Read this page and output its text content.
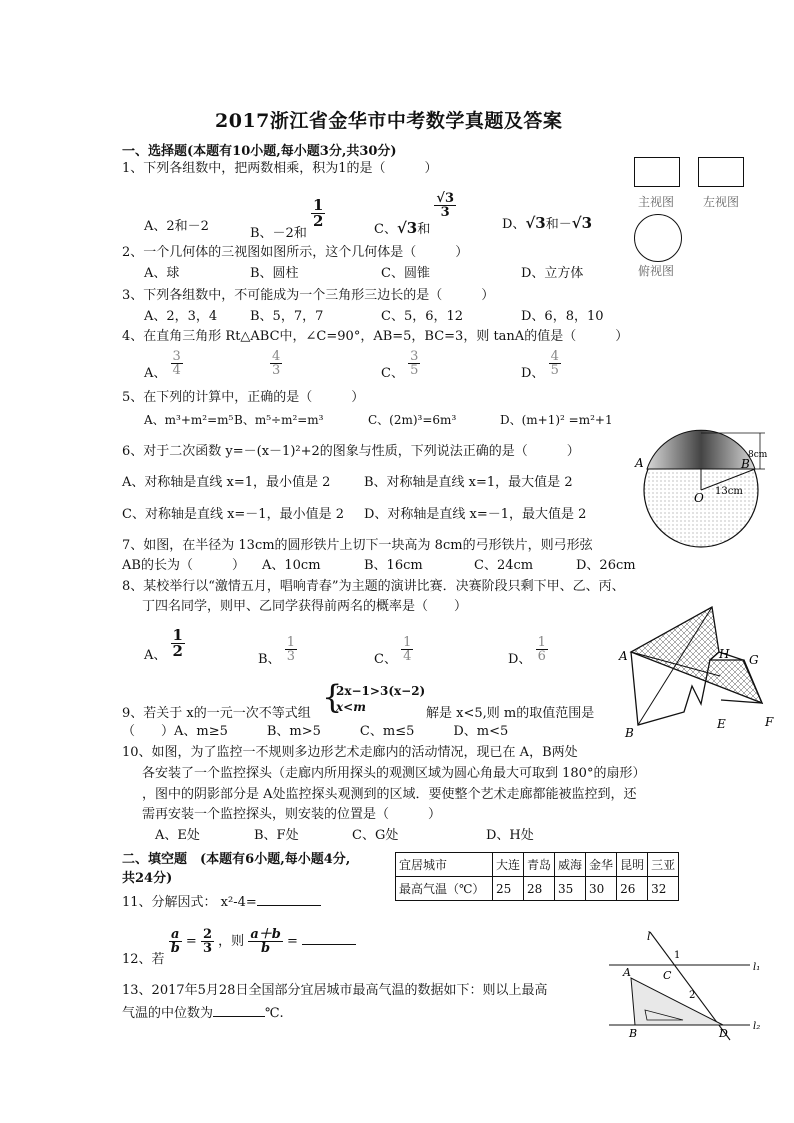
2017浙江省金华市中考数学真题及答案
一、选择题(本题有10小题,每小题3分,共30分)
1、下列各组数中，把两数相乘，积为1的是（　　　）
A、2和－2	B、－2和
$\frac{1}{2}$
C、√3和
$\frac{√3}{3}$
D、√3和－√3
2、一个几何体的三视图如图所示，这个几何体是（　　　）
A、球	B、圆柱	C、圆锥	D、立方体
3、下列各组数中，不可能成为一个三角形三边长的是（　　　）
A、2，3，4	B、5，7，7	C、5，6，12	D、6，8，10
4、在直角三角形 Rt△ABC中，∠C=90°，AB=5，BC=3，则 tanA的值是（　　　）
A、 $\frac{3}{4}$	$\frac{4}{3}$	C、 $\frac{3}{5}$	D、 $\frac{4}{5}$
5、在下列的计算中，正确的是（　　　）
A、m³+m²=m⁵ B、m⁵÷m²=m³	C、(2m)³=6m³	D、(m+1)² =m²+1
6、对于二次函数 y=－(x－1)²+2的图象与性质，下列说法正确的是（　　　）
A、对称轴是直线 x=1，最小值是 2	B、对称轴是直线 x=1，最大值是 2
C、对称轴是直线 x=－1，最小值是 2 D、对称轴是直线 x=－1，最大值是 2
7、如图，在半径为 13cm的圆形铁片上切下一块高为 8cm的弓形铁片，则弓形弦
AB的长为（　　　） A、10cm	B、16cm	C、24cm	D、26cm
8、某校举行以“激情五月，唱响青春”为主题的演讲比赛．决赛阶段只剩下甲、乙、丙、
丁四名同学，则甲、乙同学获得前两名的概率是（　　）
A、 $\frac{1}{2}$
B、 $\frac{1}{3}$	C、 $\frac{1}{4}$	D、 $\frac{1}{6}$
9、若关于 x的一元一次不等式组 {
2x−1>3(x−2)
x<m	解是 x<5,则 m的取值范围是
（　　）A、m≥5　　　B、m>5　　　C、m≤5　　　D、m<5
10、如图，为了监控一不规则多边形艺术走廊内的活动情况，现已在 A，B两处
各安装了一个监控探头（走廊内所用探头的观测区域为圆心角最大可取到 180°的扇形）
，图中的阴影部分是 A处监控探头观测到的区域．要使整个艺术走廊都能被监控到，还
需再安装一个监控探头，则安装的位置是（　　　）
A、E处	B、F处	C、G处	D、H处
二、填空题　(本题有6小题,每小题4分,
共24分)
11、分解因式： x²-4=
12、若
$\frac{a}{b} = \frac{2}{3}$ ，则 $\frac{a+b}{b}$ =
13、2017年5月28日全国部分宜居城市最高气温的数据如下：则以上最高
气温的中位数为	℃.
主视图 左视图
俯视图
A	B
O
8cm
13cm
A
B
H G
E	F
宜居城市	大连	青岛	威海	金华	昆明	三亚
最高气温（℃）	25	28	35	30	26	32
l
l₁
l₂
1
2
A	C
B	D
